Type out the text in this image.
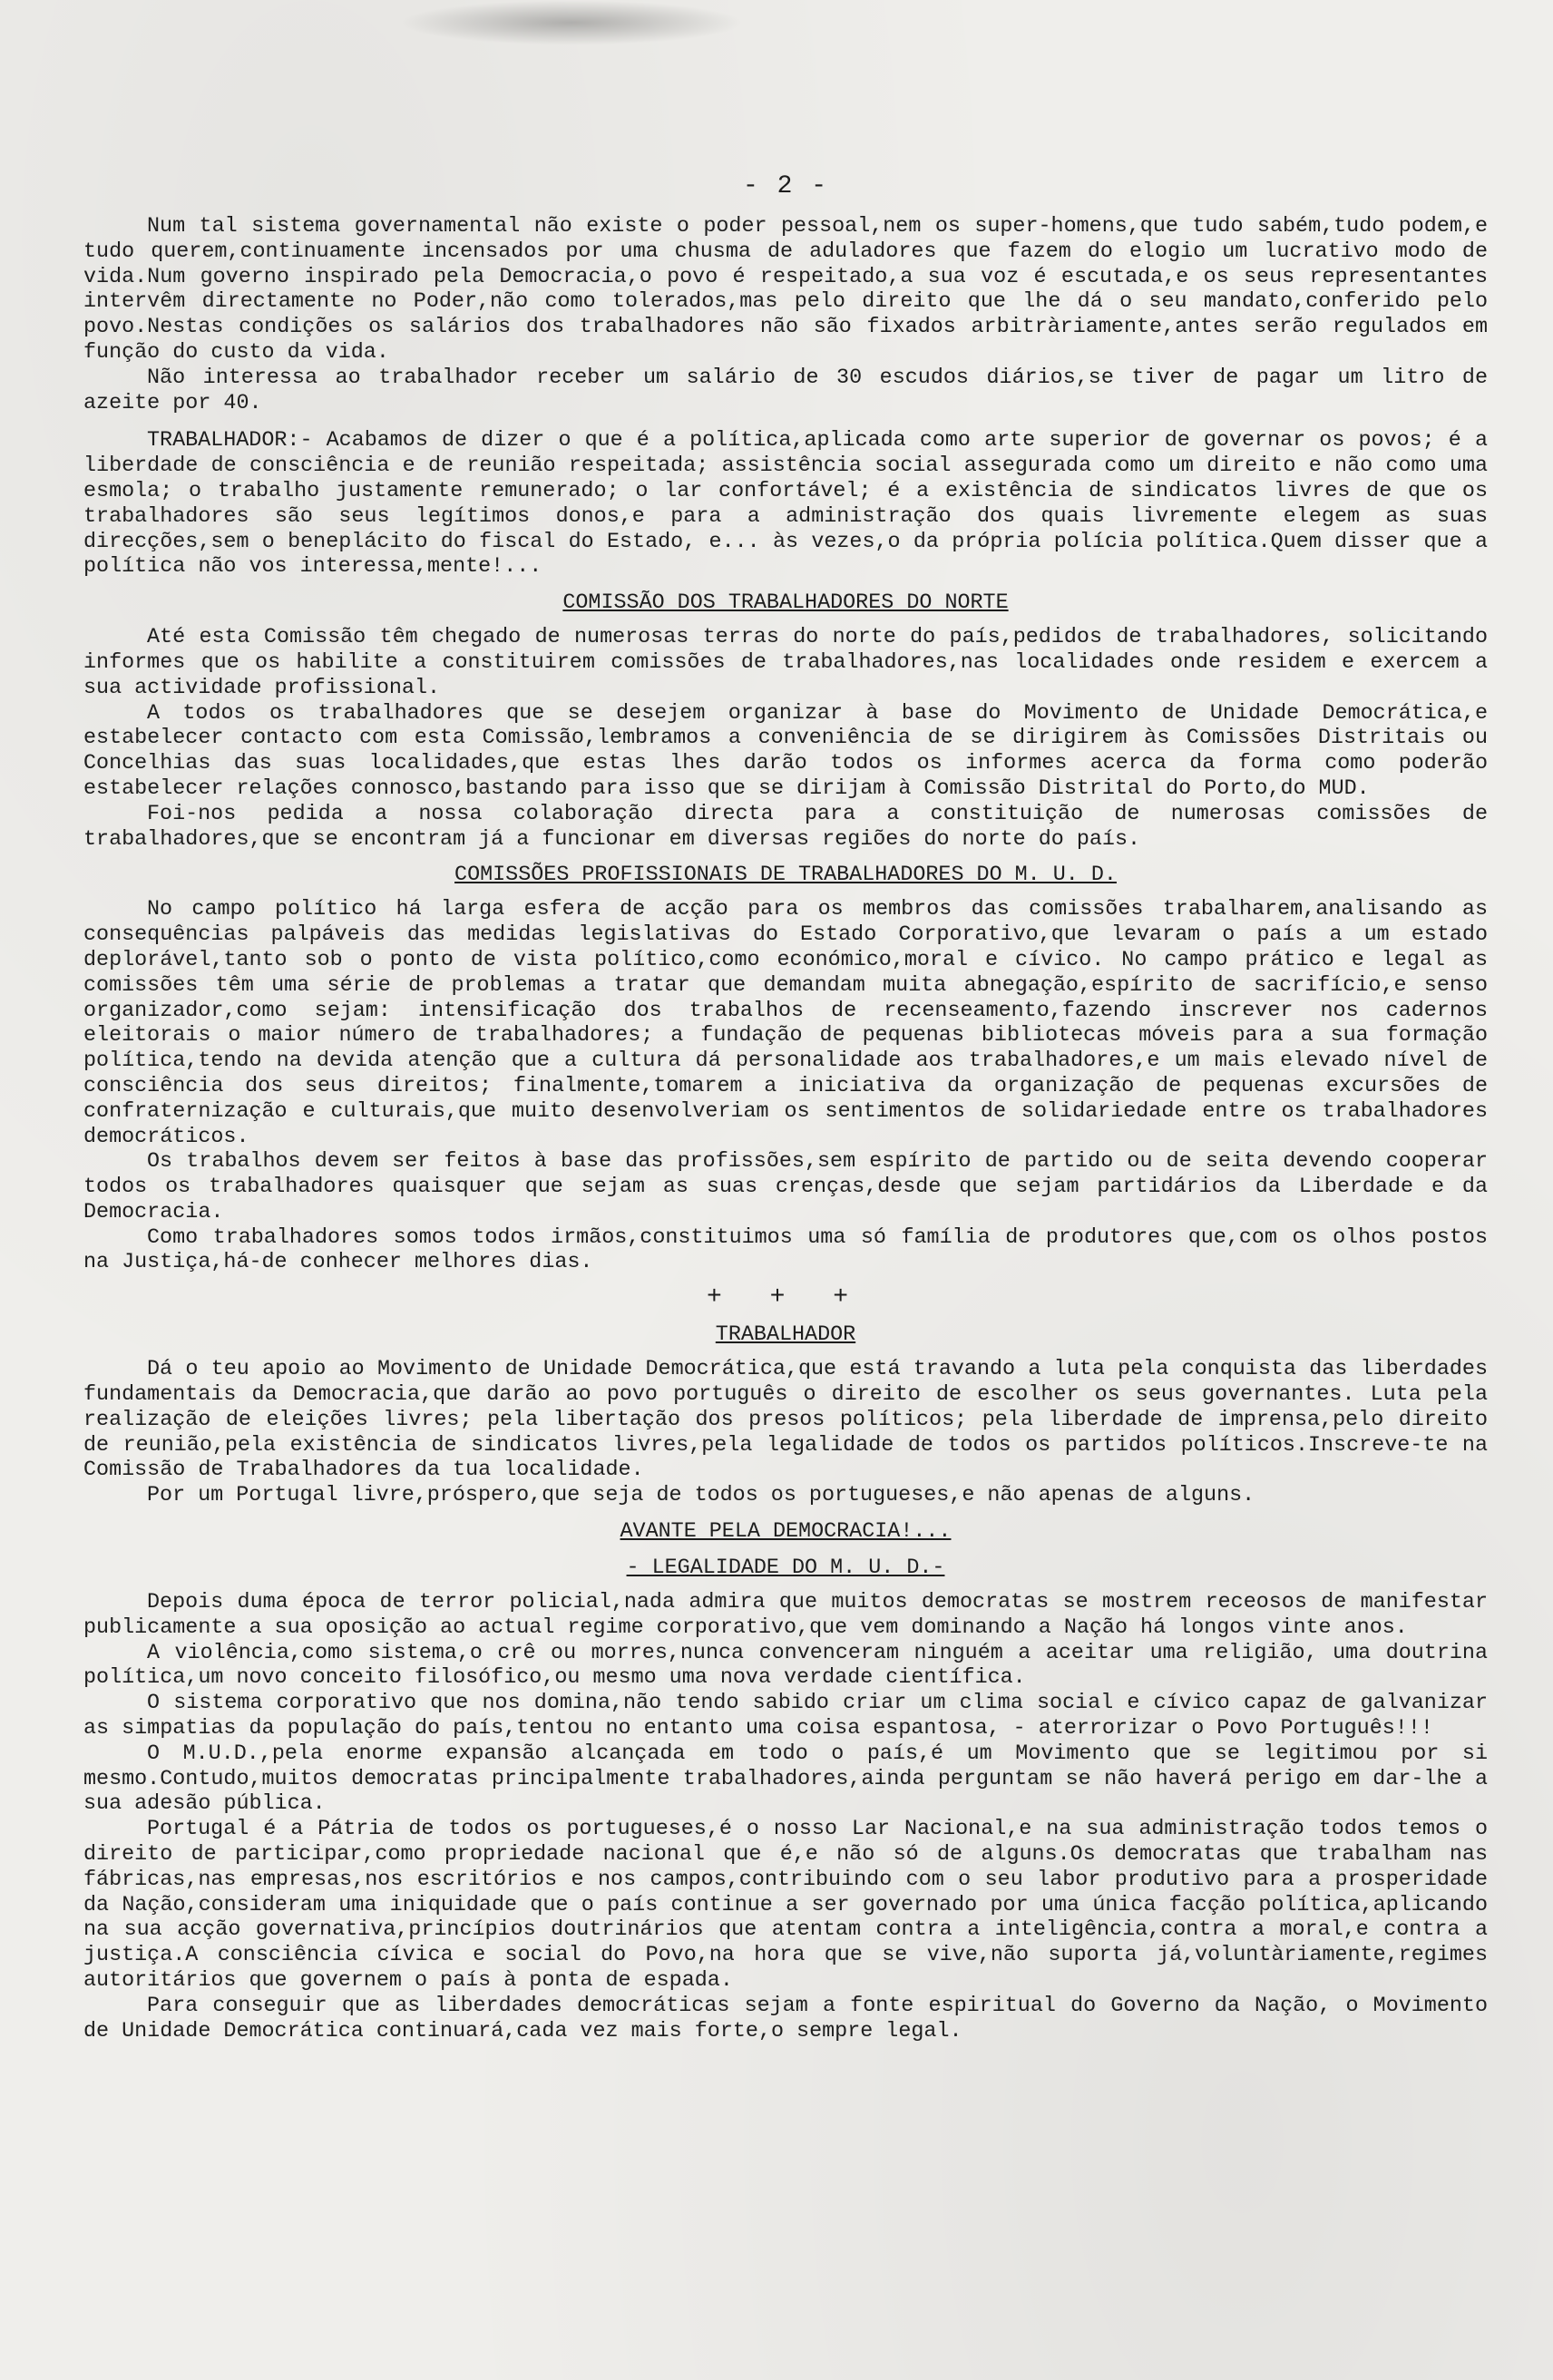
- 2 -

Num tal sistema governamental não existe o poder pessoal,nem os super-homens,que tudo sabém,tudo podem,e tudo querem,continuamente incensados por uma chusma de aduladores que fazem do elogio um lucrativo modo de vida.Num governo inspirado pela Democracia,o povo é respeitado,a sua voz é escutada,e os seus representantes intervêm directamente no Poder,não como tolerados,mas pelo direito que lhe dá o seu mandato,conferido pelo povo.Nestas condições os salários dos trabalhadores não são fixados arbitràriamente,antes serão regulados em função do custo da vida.

Não interessa ao trabalhador receber um salário de 30 escudos diários,se tiver de pagar um litro de azeite por 40.

TRABALHADOR:- Acabamos de dizer o que é a política,aplicada como arte superior de governar os povos; é a liberdade de consciência e de reunião respeitada; assistência social assegurada como um direito e não como uma esmola; o trabalho justamente remunerado; o lar confortável; é a existência de sindicatos livres de que os trabalhadores são seus legítimos donos,e para a administração dos quais livremente elegem as suas direcções,sem o beneplácito do fiscal do Estado, e... às vezes,o da própria polícia política.Quem disser que a política não vos interessa,mente!...

COMISSÃO DOS TRABALHADORES DO NORTE

Até esta Comissão têm chegado de numerosas terras do norte do país,pedidos de trabalhadores, solicitando informes que os habilite a constituirem comissões de trabalhadores,nas localidades onde residem e exercem a sua actividade profissional.

A todos os trabalhadores que se desejem organizar à base do Movimento de Unidade Democrática,e estabelecer contacto com esta Comissão,lembramos a conveniência de se dirigirem às Comissões Distritais ou Concelhias das suas localidades,que estas lhes darão todos os informes acerca da forma como poderão estabelecer relações connosco,bastando para isso que se dirijam à Comissão Distrital do Porto,do MUD.

Foi-nos pedida a nossa colaboração directa para a constituição de numerosas comissões de trabalhadores,que se encontram já a funcionar em diversas regiões do norte do país.

COMISSÕES PROFISSIONAIS DE TRABALHADORES DO M. U. D.

No campo político há larga esfera de acção para os membros das comissões trabalharem,analisando as consequências palpáveis das medidas legislativas do Estado Corporativo,que levaram o país a um estado deplorável,tanto sob o ponto de vista político,como económico,moral e cívico. No campo prático e legal as comissões têm uma série de problemas a tratar que demandam muita abnegação,espírito de sacrifício,e senso organizador,como sejam: intensificação dos trabalhos de recenseamento,fazendo inscrever nos cadernos eleitorais o maior número de trabalhadores; a fundação de pequenas bibliotecas móveis para a sua formação política,tendo na devida atenção que a cultura dá personalidade aos trabalhadores,e um mais elevado nível de consciência dos seus direitos; finalmente,tomarem a iniciativa da organização de pequenas excursões de confraternização e culturais,que muito desenvolveriam os sentimentos de solidariedade entre os trabalhadores democráticos.

Os trabalhos devem ser feitos à base das profissões,sem espírito de partido ou de seita devendo cooperar todos os trabalhadores quaisquer que sejam as suas crenças,desde que sejam partidários da Liberdade e da Democracia.

Como trabalhadores somos todos irmãos,constituimos uma só família de produtores que,com os olhos postos na Justiça,há-de conhecer melhores dias.

+ + +
TRABALHADOR

Dá o teu apoio ao Movimento de Unidade Democrática,que está travando a luta pela conquista das liberdades fundamentais da Democracia,que darão ao povo português o direito de escolher os seus governantes. Luta pela realização de eleições livres; pela libertação dos presos políticos; pela liberdade de imprensa,pelo direito de reunião,pela existência de sindicatos livres,pela legalidade de todos os partidos políticos.Inscreve-te na Comissão de Trabalhadores da tua localidade.

Por um Portugal livre,próspero,que seja de todos os portugueses,e não apenas de alguns.

AVANTE PELA DEMOCRACIA!...
- LEGALIDADE DO M. U. D.-

Depois duma época de terror policial,nada admira que muitos democratas se mostrem receosos de manifestar publicamente a sua oposição ao actual regime corporativo,que vem dominando a Nação há longos vinte anos.

A violência,como sistema,o crê ou morres,nunca convenceram ninguém a aceitar uma religião, uma doutrina política,um novo conceito filosófico,ou mesmo uma nova verdade científica.

O sistema corporativo que nos domina,não tendo sabido criar um clima social e cívico capaz de galvanizar as simpatias da população do país,tentou no entanto uma coisa espantosa, - aterrorizar o Povo Português!!!

O M.U.D.,pela enorme expansão alcançada em todo o país,é um Movimento que se legitimou por si mesmo.Contudo,muitos democratas principalmente trabalhadores,ainda perguntam se não haverá perigo em dar-lhe a sua adesão pública.

Portugal é a Pátria de todos os portugueses,é o nosso Lar Nacional,e na sua administração todos temos o direito de participar,como propriedade nacional que é,e não só de alguns.Os democratas que trabalham nas fábricas,nas empresas,nos escritórios e nos campos,contribuindo com o seu labor produtivo para a prosperidade da Nação,consideram uma iniquidade que o país continue a ser governado por uma única facção política,aplicando na sua acção governativa,princípios doutrinários que atentam contra a inteligência,contra a moral,e contra a justiça.A consciência cívica e social do Povo,na hora que se vive,não suporta já,voluntàriamente,regimes autoritários que governem o país à ponta de espada.

Para conseguir que as liberdades democráticas sejam a fonte espiritual do Governo da Nação, o Movimento de Unidade Democrática continuará,cada vez mais forte,o sempre legal.
